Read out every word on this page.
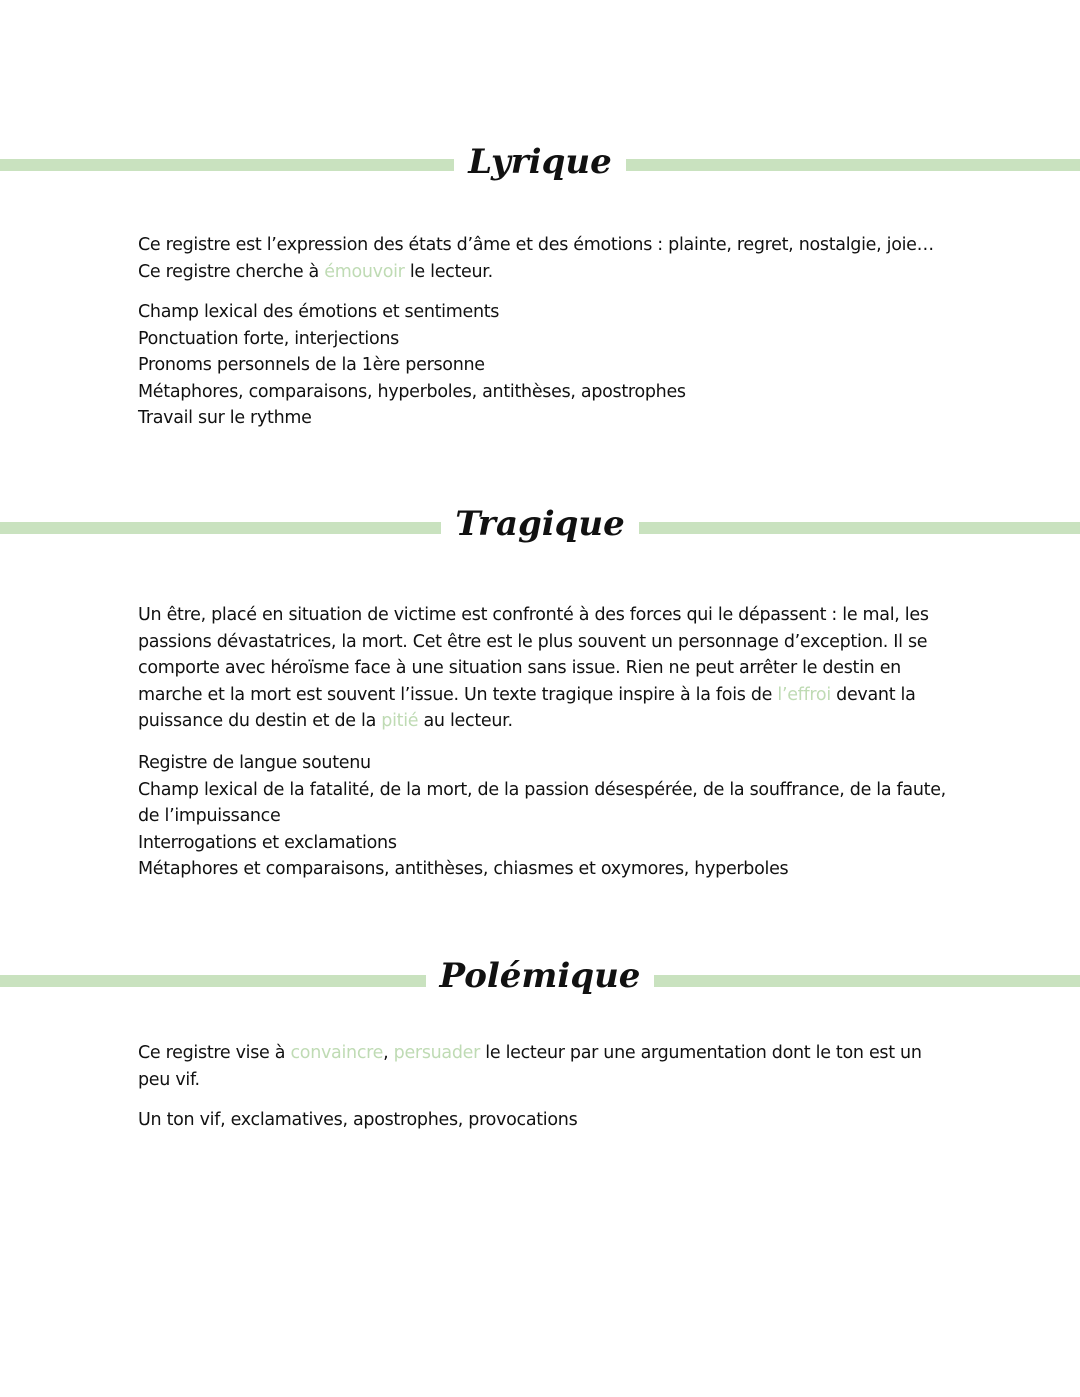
Lyrique

Ce registre est l’expression des états d’âme et des émotions : plainte, regret, nostalgie, joie… Ce registre cherche à émouvoir le lecteur.

Champ lexical des émotions et sentiments
Ponctuation forte, interjections
Pronoms personnels de la 1ère personne
Métaphores, comparaisons, hyperboles, antithèses, apostrophes
Travail sur le rythme
Tragique

Un être, placé en situation de victime est confronté à des forces qui le dépassent : le mal, les passions dévastatrices, la mort. Cet être est le plus souvent un personnage d’exception. Il se comporte avec héroïsme face à une situation sans issue. Rien ne peut arrêter le destin en marche et la mort est souvent l’issue. Un texte tragique inspire à la fois de l’effroi devant la puissance du destin et de la pitié au lecteur.

Registre de langue soutenu
Champ lexical de la fatalité, de la mort, de la passion désespérée, de la souffrance, de la faute, de l’impuissance
Interrogations et exclamations
Métaphores et comparaisons, antithèses, chiasmes et oxymores, hyperboles
Polémique

Ce registre vise à convaincre, persuader le lecteur par une argumentation dont le ton est un peu vif.

Un ton vif, exclamatives, apostrophes, provocations
